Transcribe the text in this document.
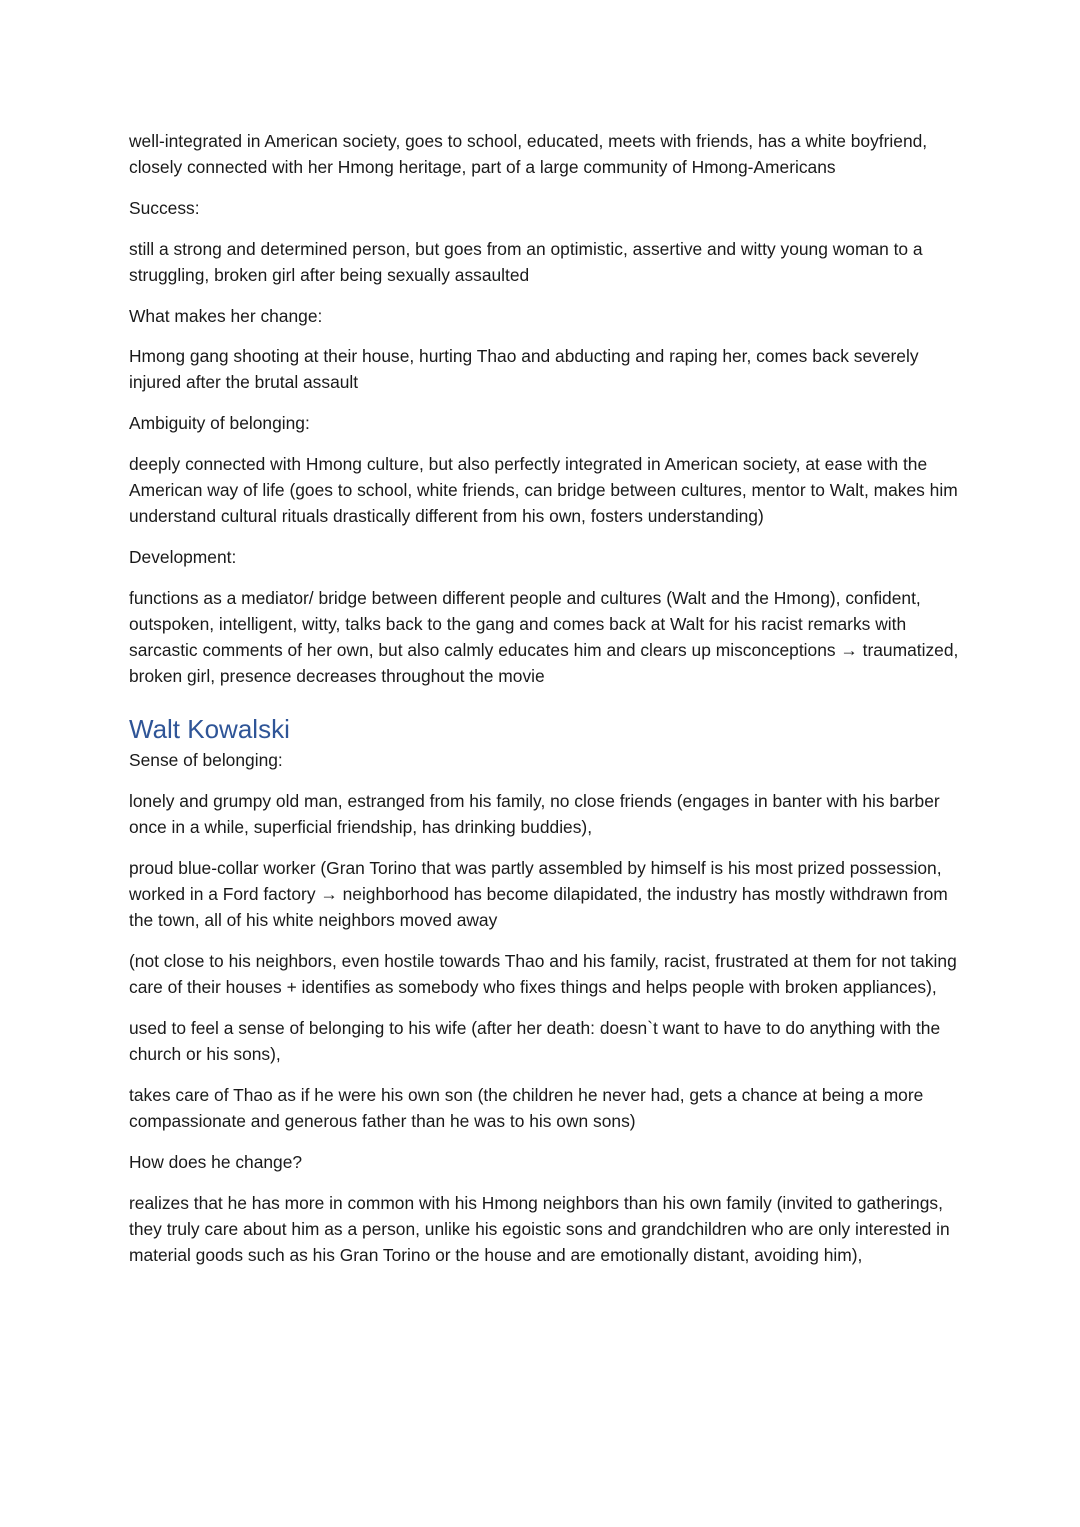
well-integrated in American society, goes to school, educated, meets with friends, has a white boyfriend, closely connected with her Hmong heritage, part of a large community of Hmong-Americans

Success:

still a strong and determined person, but goes from an optimistic, assertive and witty young woman to a struggling, broken girl after being sexually assaulted

What makes her change:

Hmong gang shooting at their house, hurting Thao and abducting and raping her, comes back severely injured after the brutal assault

Ambiguity of belonging:

deeply connected with Hmong culture, but also perfectly integrated in American society, at ease with the American way of life (goes to school, white friends, can bridge between cultures, mentor to Walt, makes him understand cultural rituals drastically different from his own, fosters understanding)

Development:

functions as a mediator/ bridge between different people and cultures (Walt and the Hmong), confident, outspoken, intelligent, witty, talks back to the gang and comes back at Walt for his racist remarks with sarcastic comments of her own, but also calmly educates him and clears up misconceptions → traumatized, broken girl, presence decreases throughout the movie

Walt Kowalski

Sense of belonging:

lonely and grumpy old man, estranged from his family, no close friends (engages in banter with his barber once in a while, superficial friendship, has drinking buddies),

proud blue-collar worker (Gran Torino that was partly assembled by himself is his most prized possession, worked in a Ford factory → neighborhood has become dilapidated, the industry has mostly withdrawn from the town, all of his white neighbors moved away

(not close to his neighbors, even hostile towards Thao and his family, racist, frustrated at them for not taking care of their houses + identifies as somebody who fixes things and helps people with broken appliances),

used to feel a sense of belonging to his wife (after her death: doesn`t want to have to do anything with the church or his sons),

takes care of Thao as if he were his own son (the children he never had, gets a chance at being a more compassionate and generous father than he was to his own sons)

How does he change?

realizes that he has more in common with his Hmong neighbors than his own family (invited to gatherings, they truly care about him as a person, unlike his egoistic sons and grandchildren who are only interested in material goods such as his Gran Torino or the house and are emotionally distant, avoiding him),
